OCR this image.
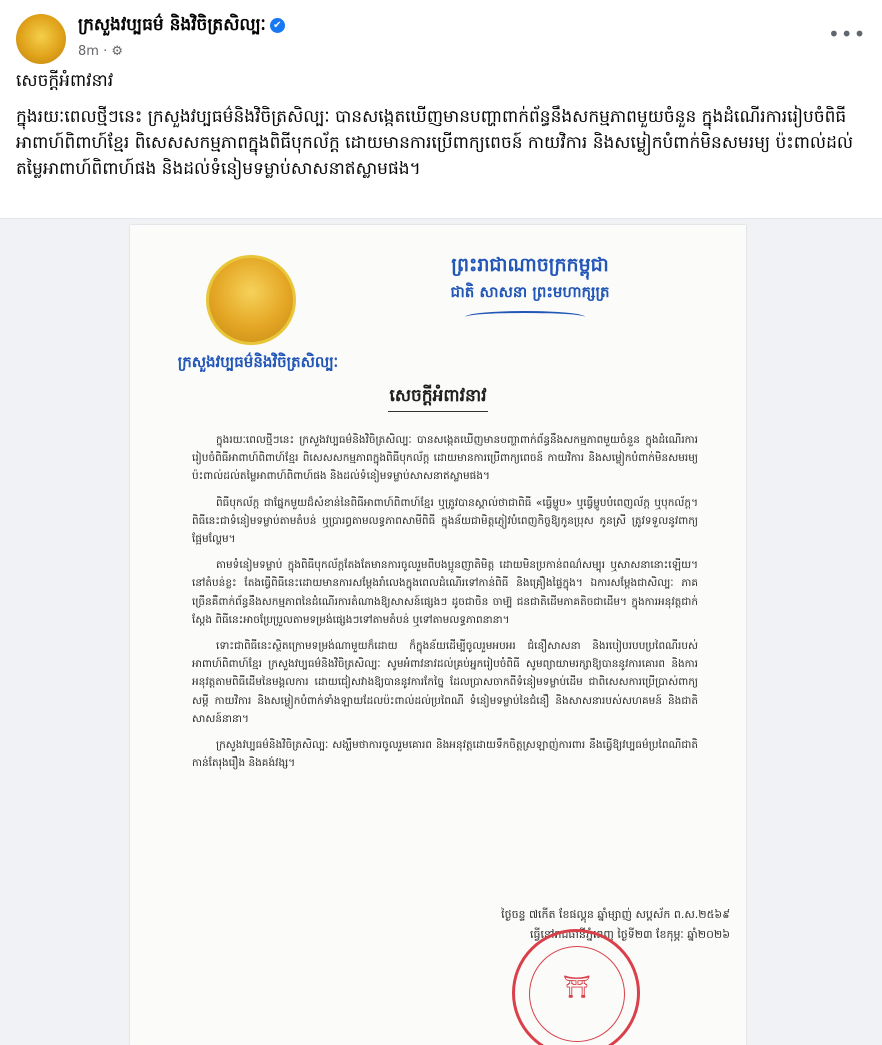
ក្រសួងវប្បធម៌ និងវិចិត្រសិល្បៈ ✔
8m · ⚙
•••
សេចក្តីអំពាវនាវ
ក្នុងរយៈពេលថ្មីៗនេះ ក្រសួងវប្បធម៌និងវិចិត្រសិល្បៈ បានសង្កេតឃើញមានបញ្ហាពាក់ព័ន្ធនឹងសកម្មភាពមួយចំនួន ក្នុងដំណើរការរៀបចំពិធីអាពាហ៍ពិពាហ៍ខ្មែរ ពិសេសសកម្មភាពក្នុងពិធីបុកល័ក្ត ដោយមានការប្រើពាក្យពេចន៍ កាយវិការ និងសម្លៀកបំពាក់មិនសមរម្យ ប៉ះពាល់ដល់តម្លៃអាពាហ៍ពិពាហ៍ផង និងដល់ទំនៀមទម្លាប់សាសនាឥស្លាមផង។
ក្រសួងវប្បធម៌និងវិចិត្រសិល្បៈ
ព្រះរាជាណាចក្រកម្ពុជា
ជាតិ សាសនា ព្រះមហាក្សត្រ
សេចក្តីអំពាវនាវ

ក្នុងរយៈពេលថ្មីៗនេះ ក្រសួងវប្បធម៌និងវិចិត្រសិល្បៈ បានសង្កេតឃើញមានបញ្ហាពាក់ព័ន្ធនឹងសកម្មភាពមួយចំនួន ក្នុងដំណើរការរៀបចំពិធីអាពាហ៍ពិពាហ៍ខ្មែរ ពិសេសសកម្មភាពក្នុងពិធីបុកល័ក្ត ដោយមានការប្រើពាក្យពេចន៍ កាយវិការ និងសម្លៀកបំពាក់មិនសមរម្យ ប៉ះពាល់ដល់តម្លៃអាពាហ៍ពិពាហ៍ផង និងដល់ទំនៀមទម្លាប់សាសនាឥស្លាមផង។

ពិធីបុកល័ក្ត ជាផ្នែកមួយដ៏សំខាន់នៃពិធីអាពាហ៍ពិពាហ៍ខ្មែរ ឬត្រូវបានស្គាល់ថាជាពិធី «ធ្វើម្ហូប» ឬធ្វើម្ហូបបំពេញល័ក្ត ឬបុកល័ក្ត។ ពិធីនេះជាទំនៀមទម្លាប់តាមតំបន់ ឬប្រារព្ធតាមលទ្ធភាពសាមីពិធី ក្នុងន័យជាមិត្តភ្ញៀវបំពេញកិច្ចឱ្យកូនប្រុស កូនស្រី ត្រូវទទួលនូវពាក្យផ្អែមល្ហែម។

តាមទំនៀមទម្លាប់ ក្នុងពិធីបុកល័ក្តតែងតែមានការចូលរួមពីបងប្អូនញាតិមិត្ត ដោយមិនប្រកាន់ពណ៌សម្បុរ ឬសាសនានោះឡើយ។ នៅតំបន់ខ្លះ តែងធ្វើពិធីនេះដោយមានការសម្តែងរាំលេងក្នុងពេលដំណើរទៅកាន់ពិធី និងគ្រឿងផ្ទៃក្នុង។ ឯការសម្តែងជាសិល្បៈ ភាគច្រើនគឺពាក់ព័ន្ធនឹងសកម្មភាពនៃដំណើរការតំណាងឱ្យសាសន៍ផ្សេងៗ ដូចជាចិន ចាម្ប៊ ជនជាតិដើមភាគតិចជាដើម។ ក្នុងការអនុវត្តជាក់ស្តែង ពិធីនេះអាចប្រែប្រួលតាមទម្រង់ផ្សេងៗទៅតាមតំបន់ ឬទៅតាមលទ្ធភាពនានា។

ទោះជាពិធីនេះស្ថិតក្រោមទម្រង់ណាមួយក៏ដោយ ក៏ក្នុងន័យដើម្បីចូលរួមអបអរ ជំនឿសាសនា និងរបៀបរបបប្រពៃណីរបស់អាពាហ៍ពិពាហ៍ខ្មែរ ក្រសួងវប្បធម៌និងវិចិត្រសិល្បៈ សូមអំពាវនាវដល់គ្រប់អ្នករៀបចំពិធី សូមព្យាយាមរក្សាឱ្យបាននូវការគោរព និងការអនុវត្តតាមពិធីដើមនៃមង្គលការ ដោយជៀសវាងឱ្យបាននូវការកែច្នៃ ដែលប្រាសចាកពីទំនៀមទម្លាប់ដើម ជាពិសេសការប្រើប្រាស់ពាក្យសម្តី កាយវិការ និងសម្លៀកបំពាក់ទាំងឡាយដែលប៉ះពាល់ដល់ប្រពៃណី ទំនៀមទម្លាប់នៃជំនឿ និងសាសនារបស់សហគមន៍ និងជាតិសាសន៍នានា។

ក្រសួងវប្បធម៌និងវិចិត្រសិល្បៈ សង្ឃឹមថាការចូលរួមគោរព និងអនុវត្តដោយទឹកចិត្តស្រឡាញ់ការពារ នឹងធ្វើឱ្យវប្បធម៌ប្រពៃណីជាតិកាន់តែរុងរឿង និងគង់វង្ស។

ថ្ងៃចន្ទ ៧កើត ខែផល្គុន ឆ្នាំម្សាញ់ សប្តស័ក ព.ស.២៥៦៩
ធ្វើនៅរាជធានីភ្នំពេញ ថ្ងៃទី២៣ ខែកុម្ភៈ ឆ្នាំ២០២៦
⛩
